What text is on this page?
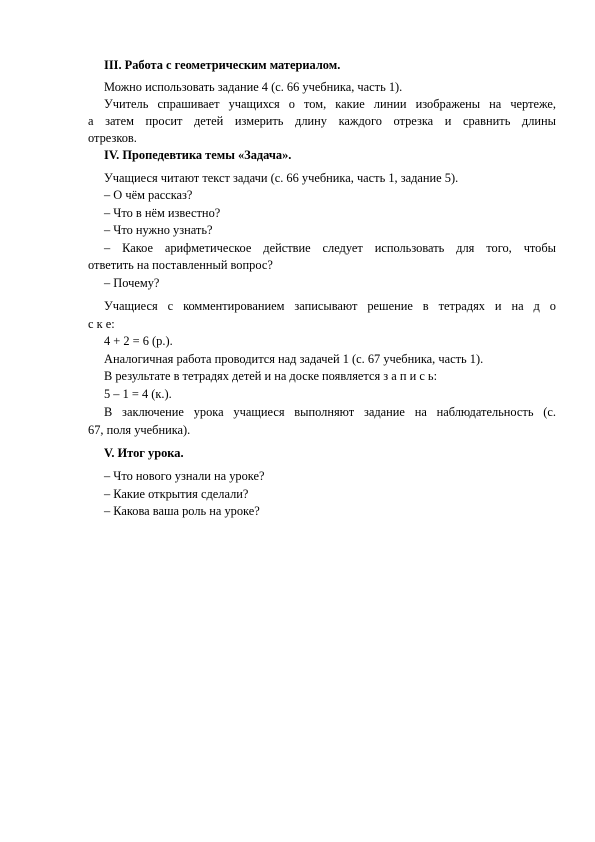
III. Работа с геометрическим материалом.
Можно использовать задание 4 (с. 66 учебника, часть 1).
Учитель спрашивает учащихся о том, какие линии изображены на чертеже,
а затем просит детей измерить длину каждого отрезка и сравнить длины
отрезков.
IV. Пропедевтика темы «Задача».
Учащиеся читают текст задачи (с. 66 учебника, часть 1, задание 5).
– О чём рассказ?
– Что в нём известно?
– Что нужно узнать?
– Какое арифметическое действие следует использовать для того, чтобы
ответить на поставленный вопрос?
– Почему?
Учащиеся с комментированием записывают решение в тетрадях и на д о
с к е:
4 + 2 = 6 (р.).
Аналогичная работа проводится над задачей 1 (с. 67 учебника, часть 1).
В результате в тетрадях детей и на доске появляется з а п и с ь:
5 – 1 = 4 (к.).
В заключение урока учащиеся выполняют задание на наблюдательность (с.
67, поля учебника).
V. Итог урока.
– Что нового узнали на уроке?
– Какие открытия сделали?
– Какова ваша роль на уроке?
